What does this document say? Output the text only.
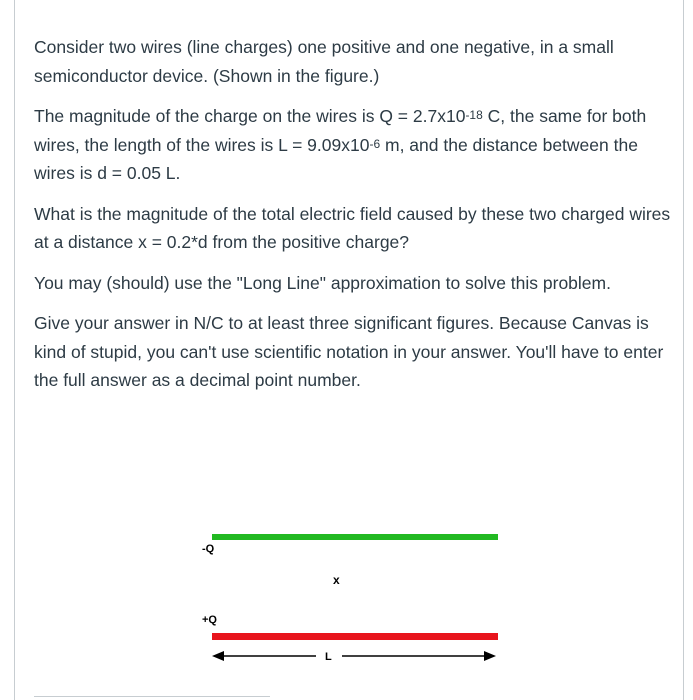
Consider two wires (line charges) one positive and one negative, in a small semiconductor device. (Shown in the figure.)

The magnitude of the charge on the wires is $Q = 2.7x10^{-18}$ C, the same for both wires, the length of the wires is $L = 9.09x10^{-6}$ m, and the distance between the wires is d = 0.05 L.

What is the magnitude of the total electric field caused by these two charged wires at a distance x = 0.2*d from the positive charge?

You may (should) use the "Long Line" approximation to solve this problem.

Give your answer in N/C to at least three significant figures. Because Canvas is kind of stupid, you can't use scientific notation in your answer. You'll have to enter the full answer as a decimal point number.

-Q
x
+Q
L
